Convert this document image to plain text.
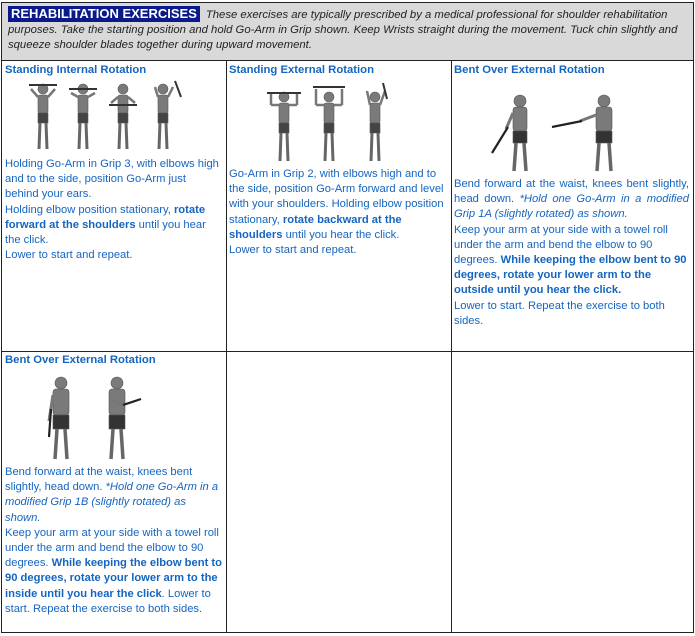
REHABILITATION EXERCISES These exercises are typically prescribed by a medical professional for shoulder rehabilitation purposes. Take the starting position and hold Go-Arm in Grip shown. Keep Wrists straight during the movement. Tuck chin slightly and squeeze shoulder blades together during upward movement.
Standing Internal Rotation

Holding Go-Arm in Grip 3, with elbows high and to the side, position Go-Arm just behind your ears.

Holding elbow position stationary, rotate forward at the shoulders until you hear the click.

Lower to start and repeat.

Standing External Rotation

Go-Arm in Grip 2, with elbows high and to the side, position Go-Arm forward and level with your shoulders. Holding elbow position stationary, rotate backward at the shoulders until you hear the click.

Lower to start and repeat.

Bent Over External Rotation

Bend forward at the waist, knees bent slightly, head down. *Hold one Go-Arm in a modified Grip 1A (slightly rotated) as shown.

Keep your arm at your side with a towel roll under the arm and bend the elbow to 90 degrees. While keeping the elbow bent to 90 degrees, rotate your lower arm to the outside until you hear the click.

Lower to start. Repeat the exercise to both sides.

Bent Over External Rotation

Bend forward at the waist, knees bent slightly, head down. *Hold one Go-Arm in a modified Grip 1B (slightly rotated) as shown.

Keep your arm at your side with a towel roll under the arm and bend the elbow to 90 degrees. While keeping the elbow bent to 90 degrees, rotate your lower arm to the inside until you hear the click. Lower to start. Repeat the exercise to both sides.
